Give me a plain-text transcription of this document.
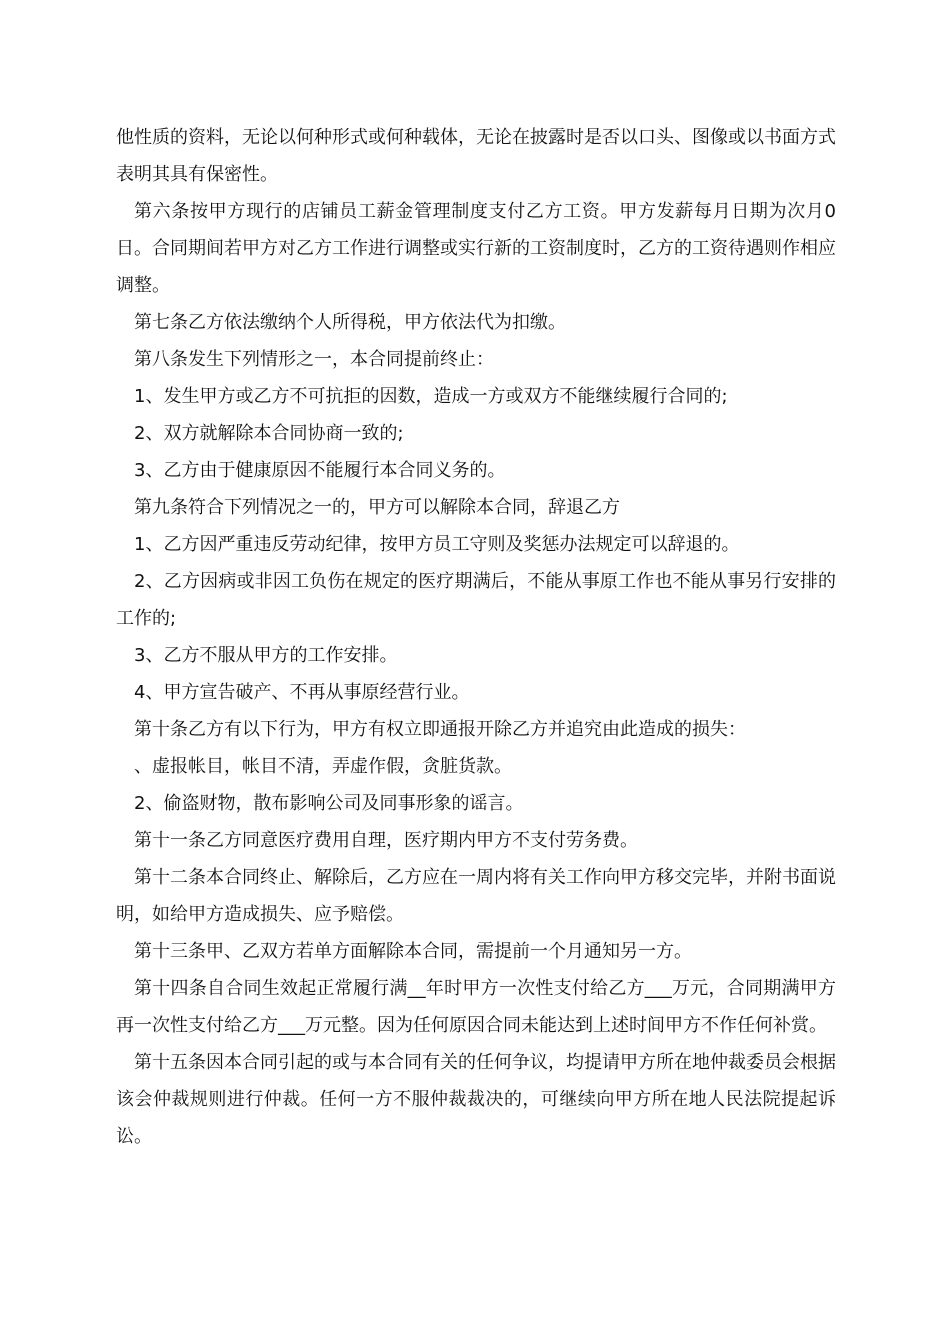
他性质的资料，无论以何种形式或何种载体，无论在披露时是否以口头、图像或以书面方式表明其具有保密性。

第六条按甲方现行的店铺员工薪金管理制度支付乙方工资。甲方发薪每月日期为次月0日。合同期间若甲方对乙方工作进行调整或实行新的工资制度时，乙方的工资待遇则作相应调整。

第七条乙方依法缴纳个人所得税，甲方依法代为扣缴。

第八条发生下列情形之一，本合同提前终止：

1、发生甲方或乙方不可抗拒的因数，造成一方或双方不能继续履行合同的;

2、双方就解除本合同协商一致的;

3、乙方由于健康原因不能履行本合同义务的。

第九条符合下列情况之一的，甲方可以解除本合同，辞退乙方

1、乙方因严重违反劳动纪律，按甲方员工守则及奖惩办法规定可以辞退的。

2、乙方因病或非因工负伤在规定的医疗期满后，不能从事原工作也不能从事另行安排的工作的;

3、乙方不服从甲方的工作安排。

4、甲方宣告破产、不再从事原经营行业。

第十条乙方有以下行为，甲方有权立即通报开除乙方并追究由此造成的损失：

、虚报帐目，帐目不清，弄虚作假，贪脏货款。

2、偷盗财物，散布影响公司及同事形象的谣言。

第十一条乙方同意医疗费用自理，医疗期内甲方不支付劳务费。

第十二条本合同终止、解除后，乙方应在一周内将有关工作向甲方移交完毕，并附书面说明，如给甲方造成损失、应予赔偿。

第十三条甲、乙双方若单方面解除本合同，需提前一个月通知另一方。

第十四条自合同生效起正常履行满__年时甲方一次性支付给乙方___万元，合同期满甲方再一次性支付给乙方___万元整。因为任何原因合同未能达到上述时间甲方不作任何补赏。

第十五条因本合同引起的或与本合同有关的任何争议，均提请甲方所在地仲裁委员会根据该会仲裁规则进行仲裁。任何一方不服仲裁裁决的，可继续向甲方所在地人民法院提起诉讼。
